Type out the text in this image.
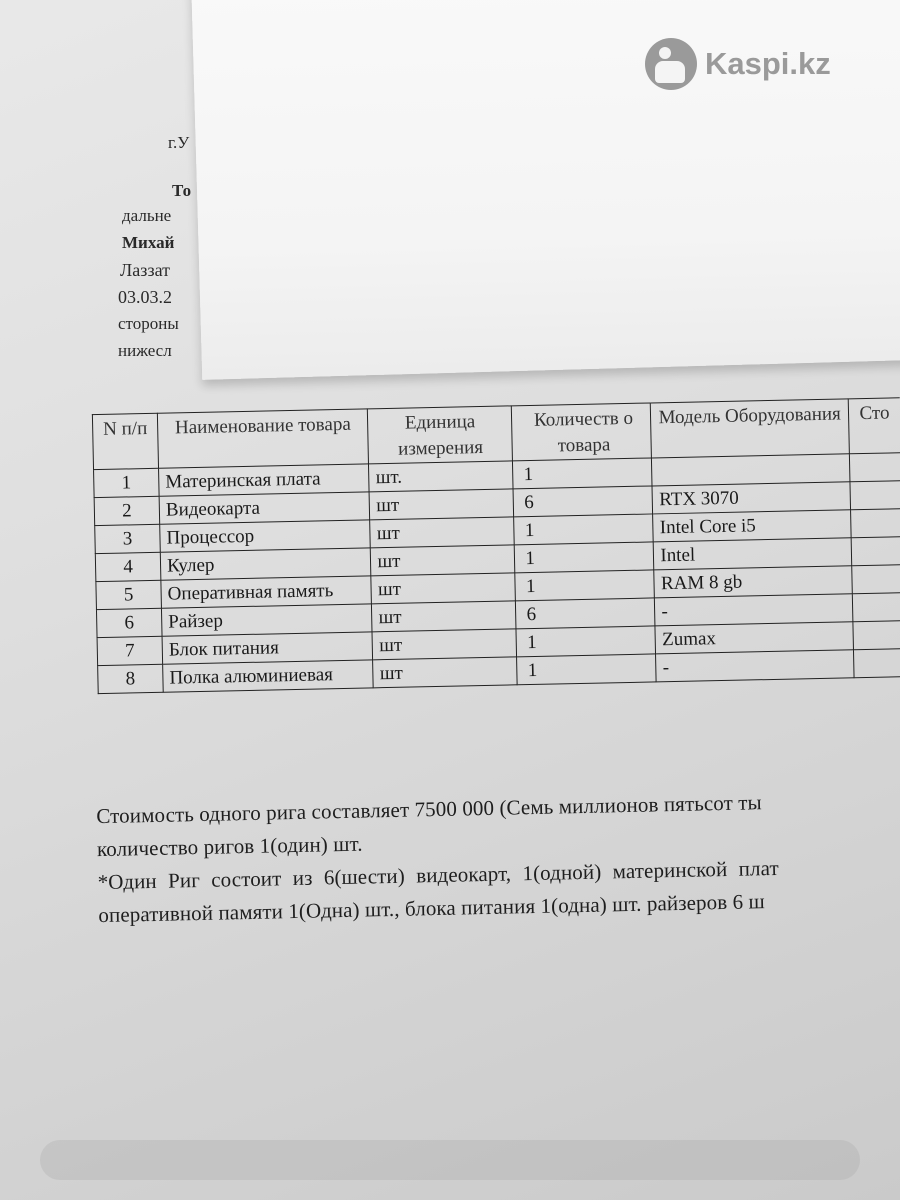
г.У
То
дальне
Михай
Лаззат
03.03.2
стороны
нижесл
Kaspi.kz
N п/п	Наименование товара	Единица измерения	Количеств о товара	Модель Оборудования	Сто
1	Материнская плата	шт.	1		
2	Видеокарта	шт	6	RTX 3070	
3	Процессор	шт	1	Intel Core i5	
4	Кулер	шт	1	Intel	
5	Оперативная память	шт	1	RAM 8 gb	
6	Райзер	шт	6	-	
7	Блок питания	шт	1	Zumax	
8	Полка алюминиевая	шт	1	-	
Стоимость одного рига составляет 7500 000 (Семь миллионов пятьсот ты
количество ригов 1(один) шт.
*Один Риг состоит из 6(шести) видеокарт, 1(одной) материнской плат
оперативной памяти 1(Одна) шт., блока питания 1(одна) шт. райзеров 6 ш
